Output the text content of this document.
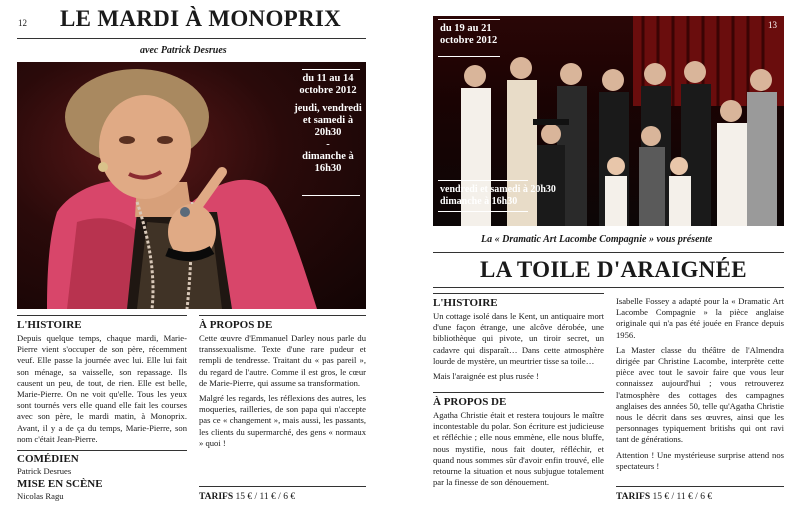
12 LE MARDI À MONOPRIX
avec Patrick Desrues
du 11 au 14
octobre 2012
jeudi, vendredi
et samedi à
20h30
-
dimanche à
16h30
L'HISTOIRE
Depuis quelque temps, chaque mardi, Marie-Pierre vient s'occuper de son père, récemment veuf. Elle passe la journée avec lui. Elle lui fait son ménage, sa vaisselle, son repassage. Ils causent un peu, de tout, de rien. Elle est belle, Marie-Pierre. On ne voit qu'elle. Tous les yeux sont tournés vers elle quand elle fait les courses avec son père, le mardi matin, à Monoprix. Avant, il y a de ça du temps, Marie-Pierre, son nom c'était Jean-Pierre.
COMÉDIEN
Patrick Desrues
MISE EN SCÈNE
Nicolas Ragu
À PROPOS DE

Cette œuvre d'Emmanuel Darley nous parle du transsexualisme. Texte d'une rare pudeur et rempli de tendresse. Traitant du « pas pareil », du regard de l'autre. Comme il est gros, le cœur de Marie-Pierre, qui assume sa transformation.

Malgré les regards, les réflexions des autres, les moqueries, railleries, de son papa qui n'accepte pas ce « changement », mais aussi, les passants, les clients du supermarché, des gens « normaux » quoi !

TARIFS 15 € / 11 € / 6 €
du 19 au 21
octobre 2012
vendredi et samedi à 20h30
dimanche à 16h30
13
La « Dramatic Art Lacombe Compagnie » vous présente
LA TOILE D'ARAIGNÉE
L'HISTOIRE

Un cottage isolé dans le Kent, un antiquaire mort d'une façon étrange, une alcôve dérobée, une bibliothèque qui pivote, un tiroir secret, un cadavre qui disparaît… Dans cette atmosphère lourde de mystère, un meurtrier tisse sa toile…

Mais l'araignée est plus rusée !

À PROPOS DE
Agatha Christie était et restera toujours le maître incontestable du polar. Son écriture est judicieuse et réfléchie ; elle nous emmène, elle nous bluffe, nous mystifie, nous fait douter, réfléchir, et quand nous sommes sûr d'avoir enfin trouvé, elle retourne la situation et nous subjugue totalement par la finesse de son dénouement.

Isabelle Fossey a adapté pour la « Dramatic Art Lacombe Compagnie » la pièce anglaise originale qui n'a pas été jouée en France depuis 1956.

La Master classe du théâtre de l'Almendra dirigée par Christine Lacombe, interprète cette pièce avec tout le savoir faire que vous leur connaissez aujourd'hui ; vous retrouverez l'atmosphère des cottages des campagnes anglaises des années 50, telle qu'Agatha Christie nous le décrit dans ses œuvres, ainsi que les personnages typiquement britishs qui ont ravi tant de générations.

Attention ! Une mystérieuse surprise attend nos spectateurs !

TARIFS 15 € / 11 € / 6 €
